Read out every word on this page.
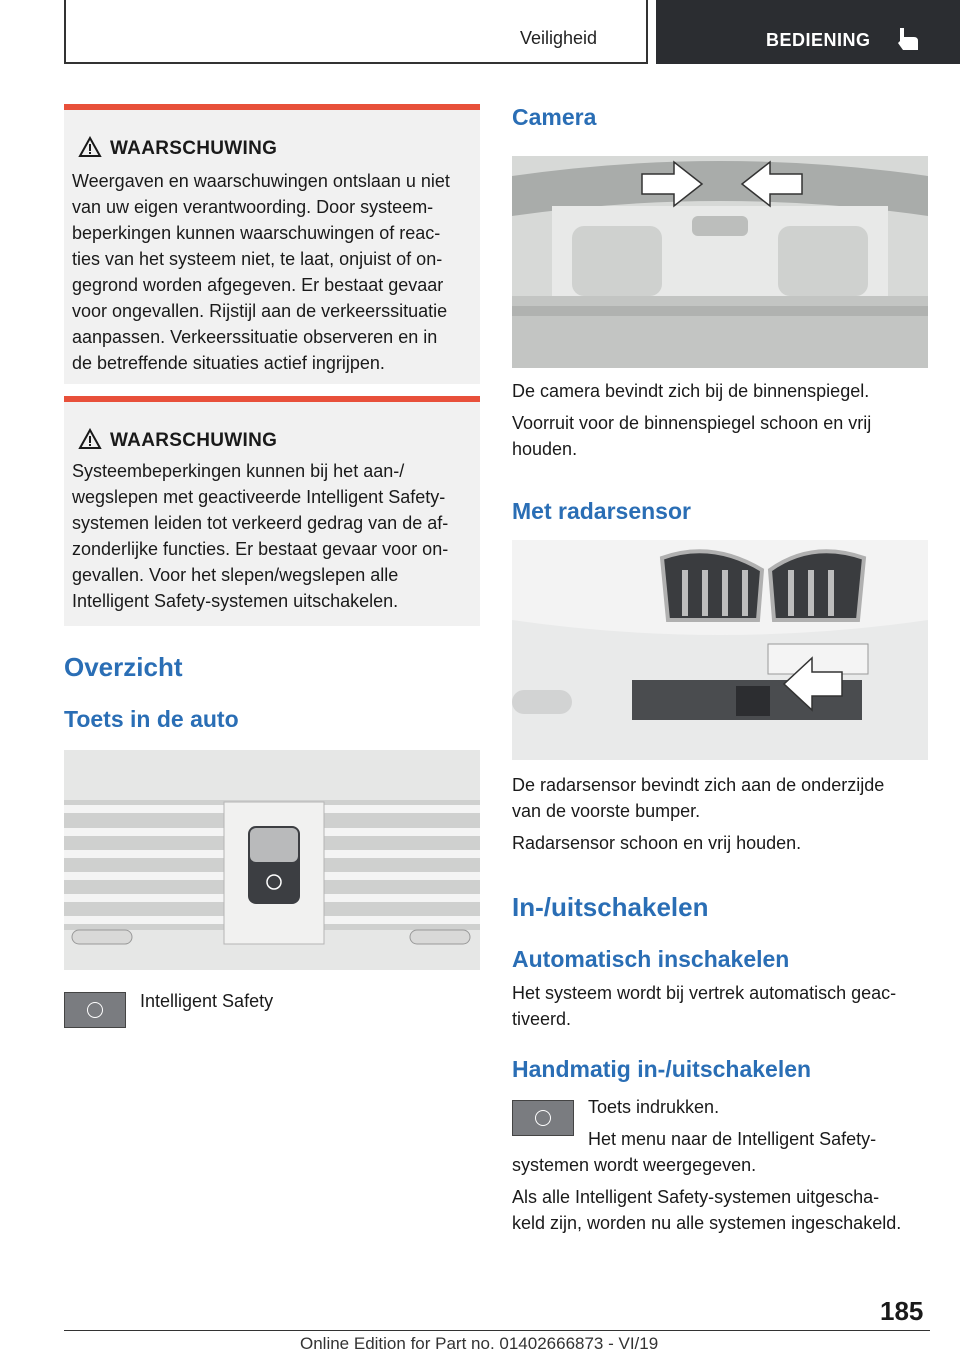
Veiligheid	BEDIENING
WAARSCHUWING
Weergaven en waarschuwingen ontslaan u niet
van uw eigen verantwoording. Door systeem‐
beperkingen kunnen waarschuwingen of reac‐
ties van het systeem niet, te laat, onjuist of on‐
gegrond worden afgegeven. Er bestaat gevaar
voor ongevallen. Rijstijl aan de verkeerssituatie
aanpassen. Verkeerssituatie observeren en in
de betreffende situaties actief ingrijpen.
WAARSCHUWING
Systeembeperkingen kunnen bij het aan-/
wegslepen met geactiveerde Intelligent Safety-
systemen leiden tot verkeerd gedrag van de af‐
zonderlijke functies. Er bestaat gevaar voor on‐
gevallen. Voor het slepen/wegslepen alle
Intelligent Safety-systemen uitschakelen.
Overzicht
Toets in de auto
Intelligent Safety
Camera
De camera bevindt zich bij de binnenspiegel.
Voorruit voor de binnenspiegel schoon en vrij
houden.
Met radarsensor
De radarsensor bevindt zich aan de onderzijde
van de voorste bumper.
Radarsensor schoon en vrij houden.
In-/uitschakelen
Automatisch inschakelen
Het systeem wordt bij vertrek automatisch geac‐
tiveerd.
Handmatig in-/uitschakelen
Toets indrukken.
Het menu naar de Intelligent Safety-
systemen wordt weergegeven.
Als alle Intelligent Safety-systemen uitgescha‐
keld zijn, worden nu alle systemen ingeschakeld.
185
Online Edition for Part no. 01402666873 - VI/19
